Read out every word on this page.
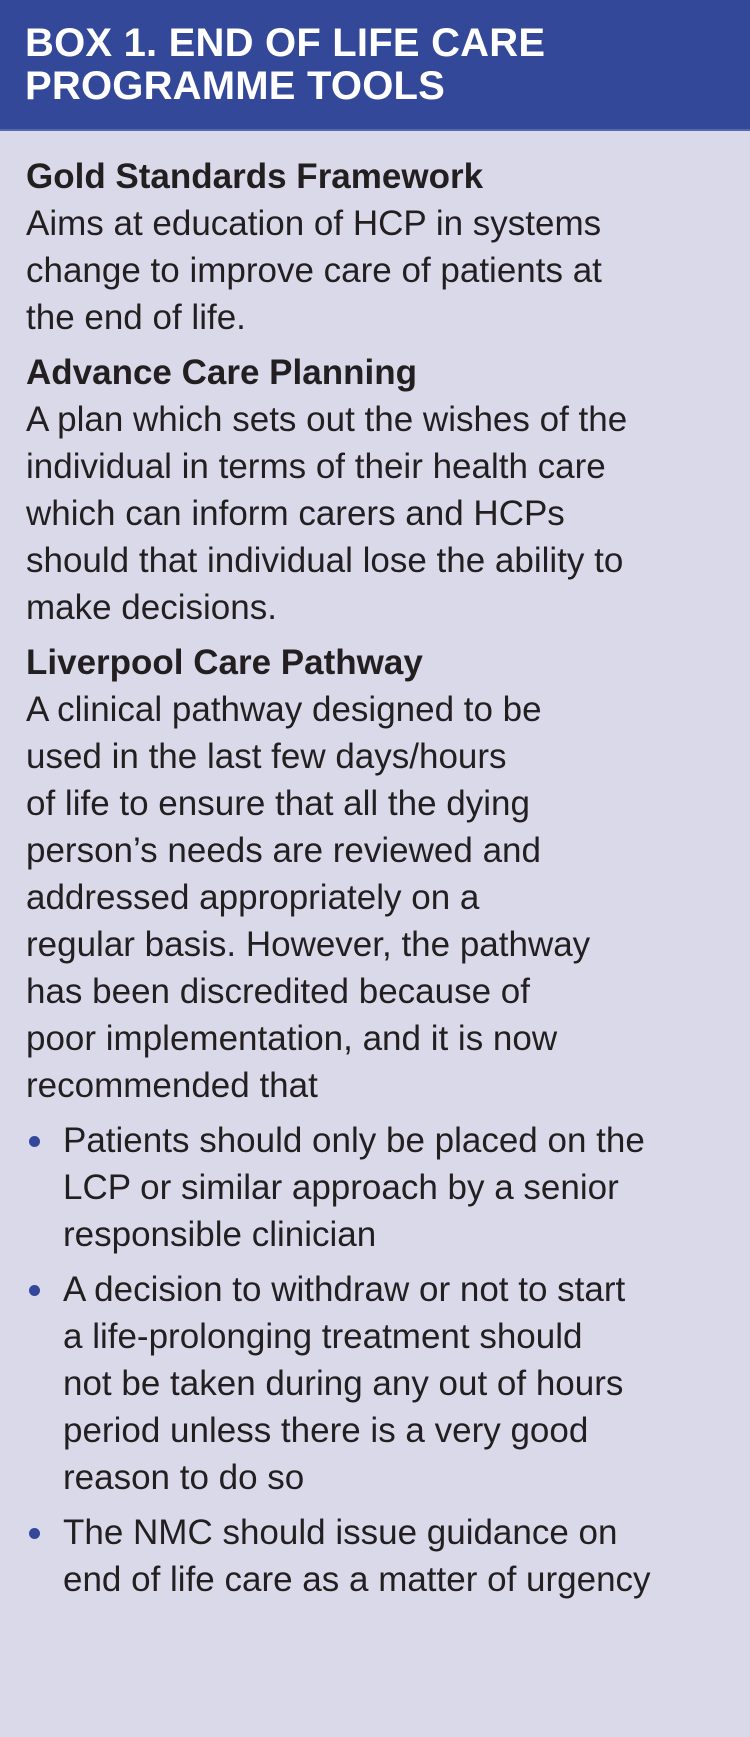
BOX 1. END OF LIFE CARE
PROGRAMME TOOLS
Gold Standards Framework

Aims at education of HCP in systems
change to improve care of patients at
the end of life.

Advance Care Planning

A plan which sets out the wishes of the
individual in terms of their health care
which can inform carers and HCPs
should that individual lose the ability to
make decisions.

Liverpool Care Pathway

A clinical pathway designed to be
used in the last few days/hours
of life to ensure that all the dying
person’s needs are reviewed and
addressed appropriately on a
regular basis. However, the pathway
has been discredited because of
poor implementation, and it is now
recommended that

Patients should only be placed on the
LCP or similar approach by a senior
responsible clinician
A decision to withdraw or not to start
a life-prolonging treatment should
not be taken during any out of hours
period unless there is a very good
reason to do so
The NMC should issue guidance on
end of life care as a matter of urgency
